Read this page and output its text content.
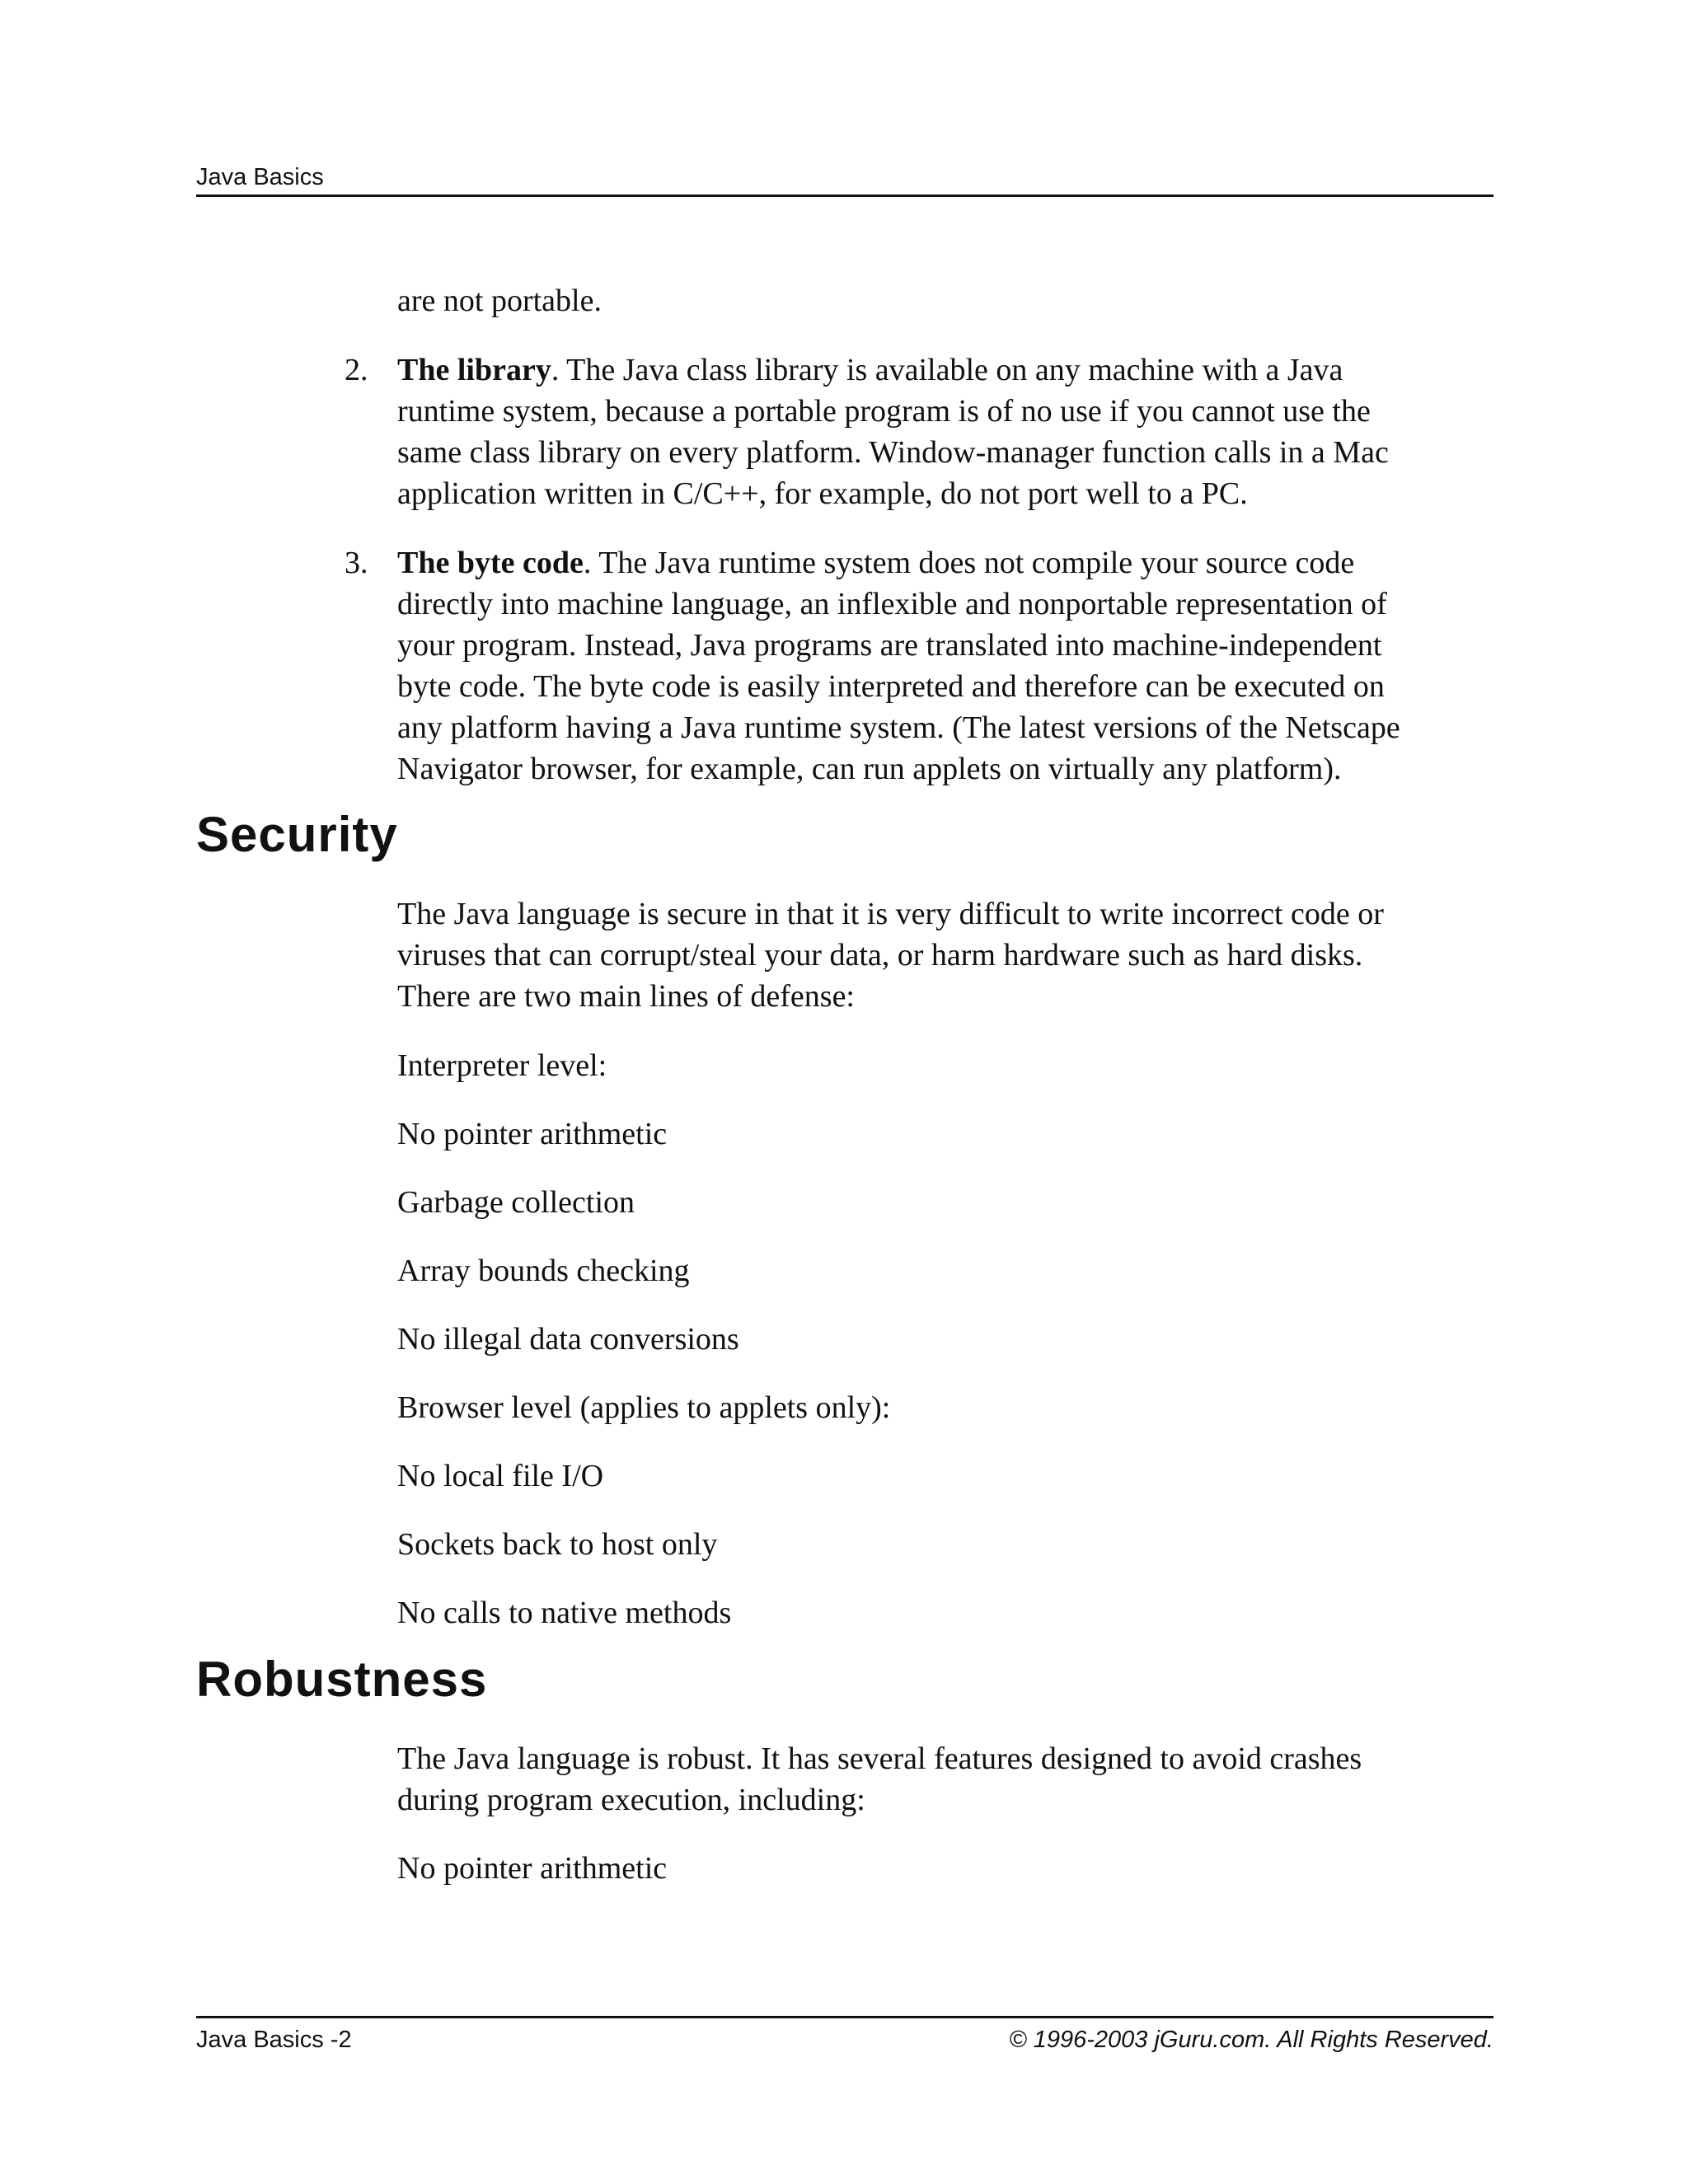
Java Basics

are not portable.

2. The library. The Java class library is available on any machine with a Java
runtime system, because a portable program is of no use if you cannot use the
same class library on every platform. Window-manager function calls in a Mac
application written in C/C++, for example, do not port well to a PC.

3. The byte code. The Java runtime system does not compile your source code
directly into machine language, an inflexible and nonportable representation of
your program. Instead, Java programs are translated into machine-independent
byte code. The byte code is easily interpreted and therefore can be executed on
any platform having a Java runtime system. (The latest versions of the Netscape
Navigator browser, for example, can run applets on virtually any platform).

Security

The Java language is secure in that it is very difficult to write incorrect code or
viruses that can corrupt/steal your data, or harm hardware such as hard disks.
There are two main lines of defense:

Interpreter level:

No pointer arithmetic

Garbage collection

Array bounds checking

No illegal data conversions

Browser level (applies to applets only):

No local file I/O

Sockets back to host only

No calls to native methods

Robustness

The Java language is robust. It has several features designed to avoid crashes
during program execution, including:

No pointer arithmetic

Java Basics -2	© 1996-2003 jGuru.com. All Rights Reserved.
